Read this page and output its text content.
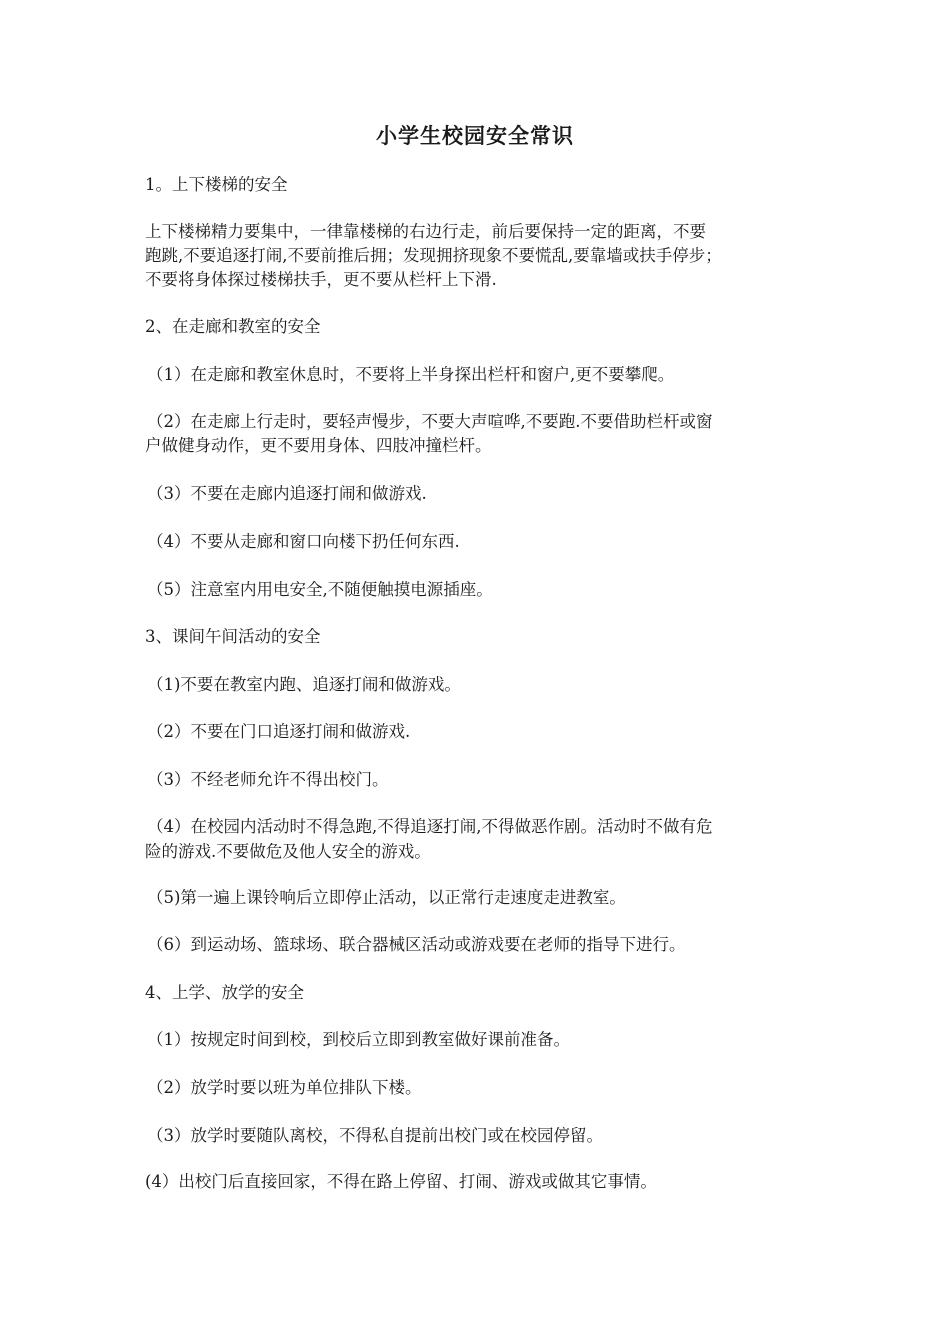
小学生校园安全常识
1。上下楼梯的安全
上下楼梯精力要集中，一律靠楼梯的右边行走，前后要保持一定的距离，不要
跑跳,不要追逐打闹,不要前推后拥；发现拥挤现象不要慌乱,要靠墙或扶手停步；
不要将身体探过楼梯扶手，更不要从栏杆上下滑.
2、在走廊和教室的安全
（1）在走廊和教室休息时，不要将上半身探出栏杆和窗户,更不要攀爬。
（2）在走廊上行走时，要轻声慢步，不要大声喧哗,不要跑.不要借助栏杆或窗
户做健身动作，更不要用身体、四肢冲撞栏杆。
（3）不要在走廊内追逐打闹和做游戏.
（4）不要从走廊和窗口向楼下扔任何东西.
（5）注意室内用电安全,不随便触摸电源插座。
3、课间午间活动的安全
（1)不要在教室内跑、追逐打闹和做游戏。
（2）不要在门口追逐打闹和做游戏.
（3）不经老师允许不得出校门。
（4）在校园内活动时不得急跑,不得追逐打闹,不得做恶作剧。活动时不做有危
险的游戏.不要做危及他人安全的游戏。
（5)第一遍上课铃响后立即停止活动，以正常行走速度走进教室。
（6）到运动场、篮球场、联合器械区活动或游戏要在老师的指导下进行。
4、上学、放学的安全
（1）按规定时间到校，到校后立即到教室做好课前准备。
（2）放学时要以班为单位排队下楼。
（3）放学时要随队离校，不得私自提前出校门或在校园停留。
(4）出校门后直接回家，不得在路上停留、打闹、游戏或做其它事情。
